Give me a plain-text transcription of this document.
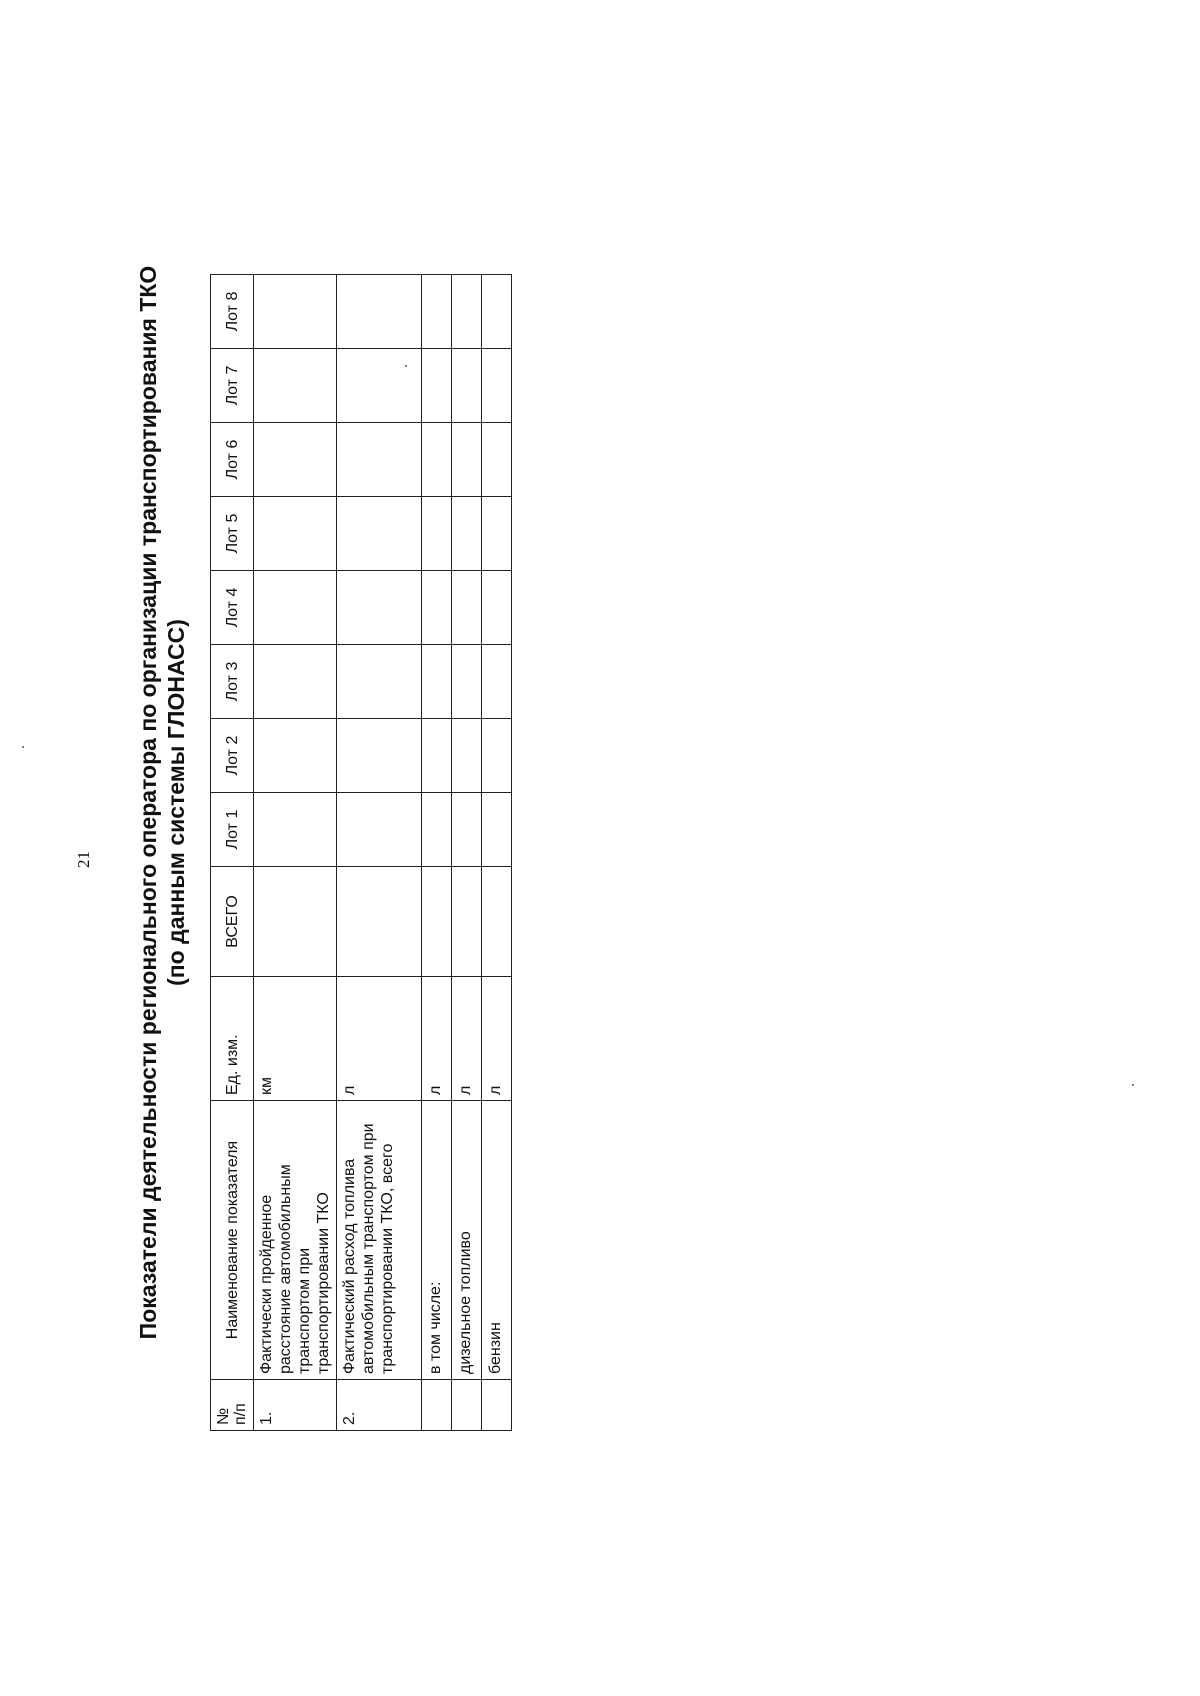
21 Показатели деятельности регионального оператора по организации транспортирования ТКО (по данным системы ГЛОНАСС)
№
п/п	Наименование показателя	Ед. изм.	ВСЕГО	Лот 1	Лот 2	Лот 3	Лот 4	Лот 5	Лот 6	Лот 7	Лот 8
1.	Фактически пройденное расстояние автомобильным транспортом при транспортировании ТКО	км									
2.	Фактический расход топлива автомобильным транспортом при транспортировании ТКО, всего	л									
	в том числе:	л									
	дизельное топливо	л									
	бензин	л									
